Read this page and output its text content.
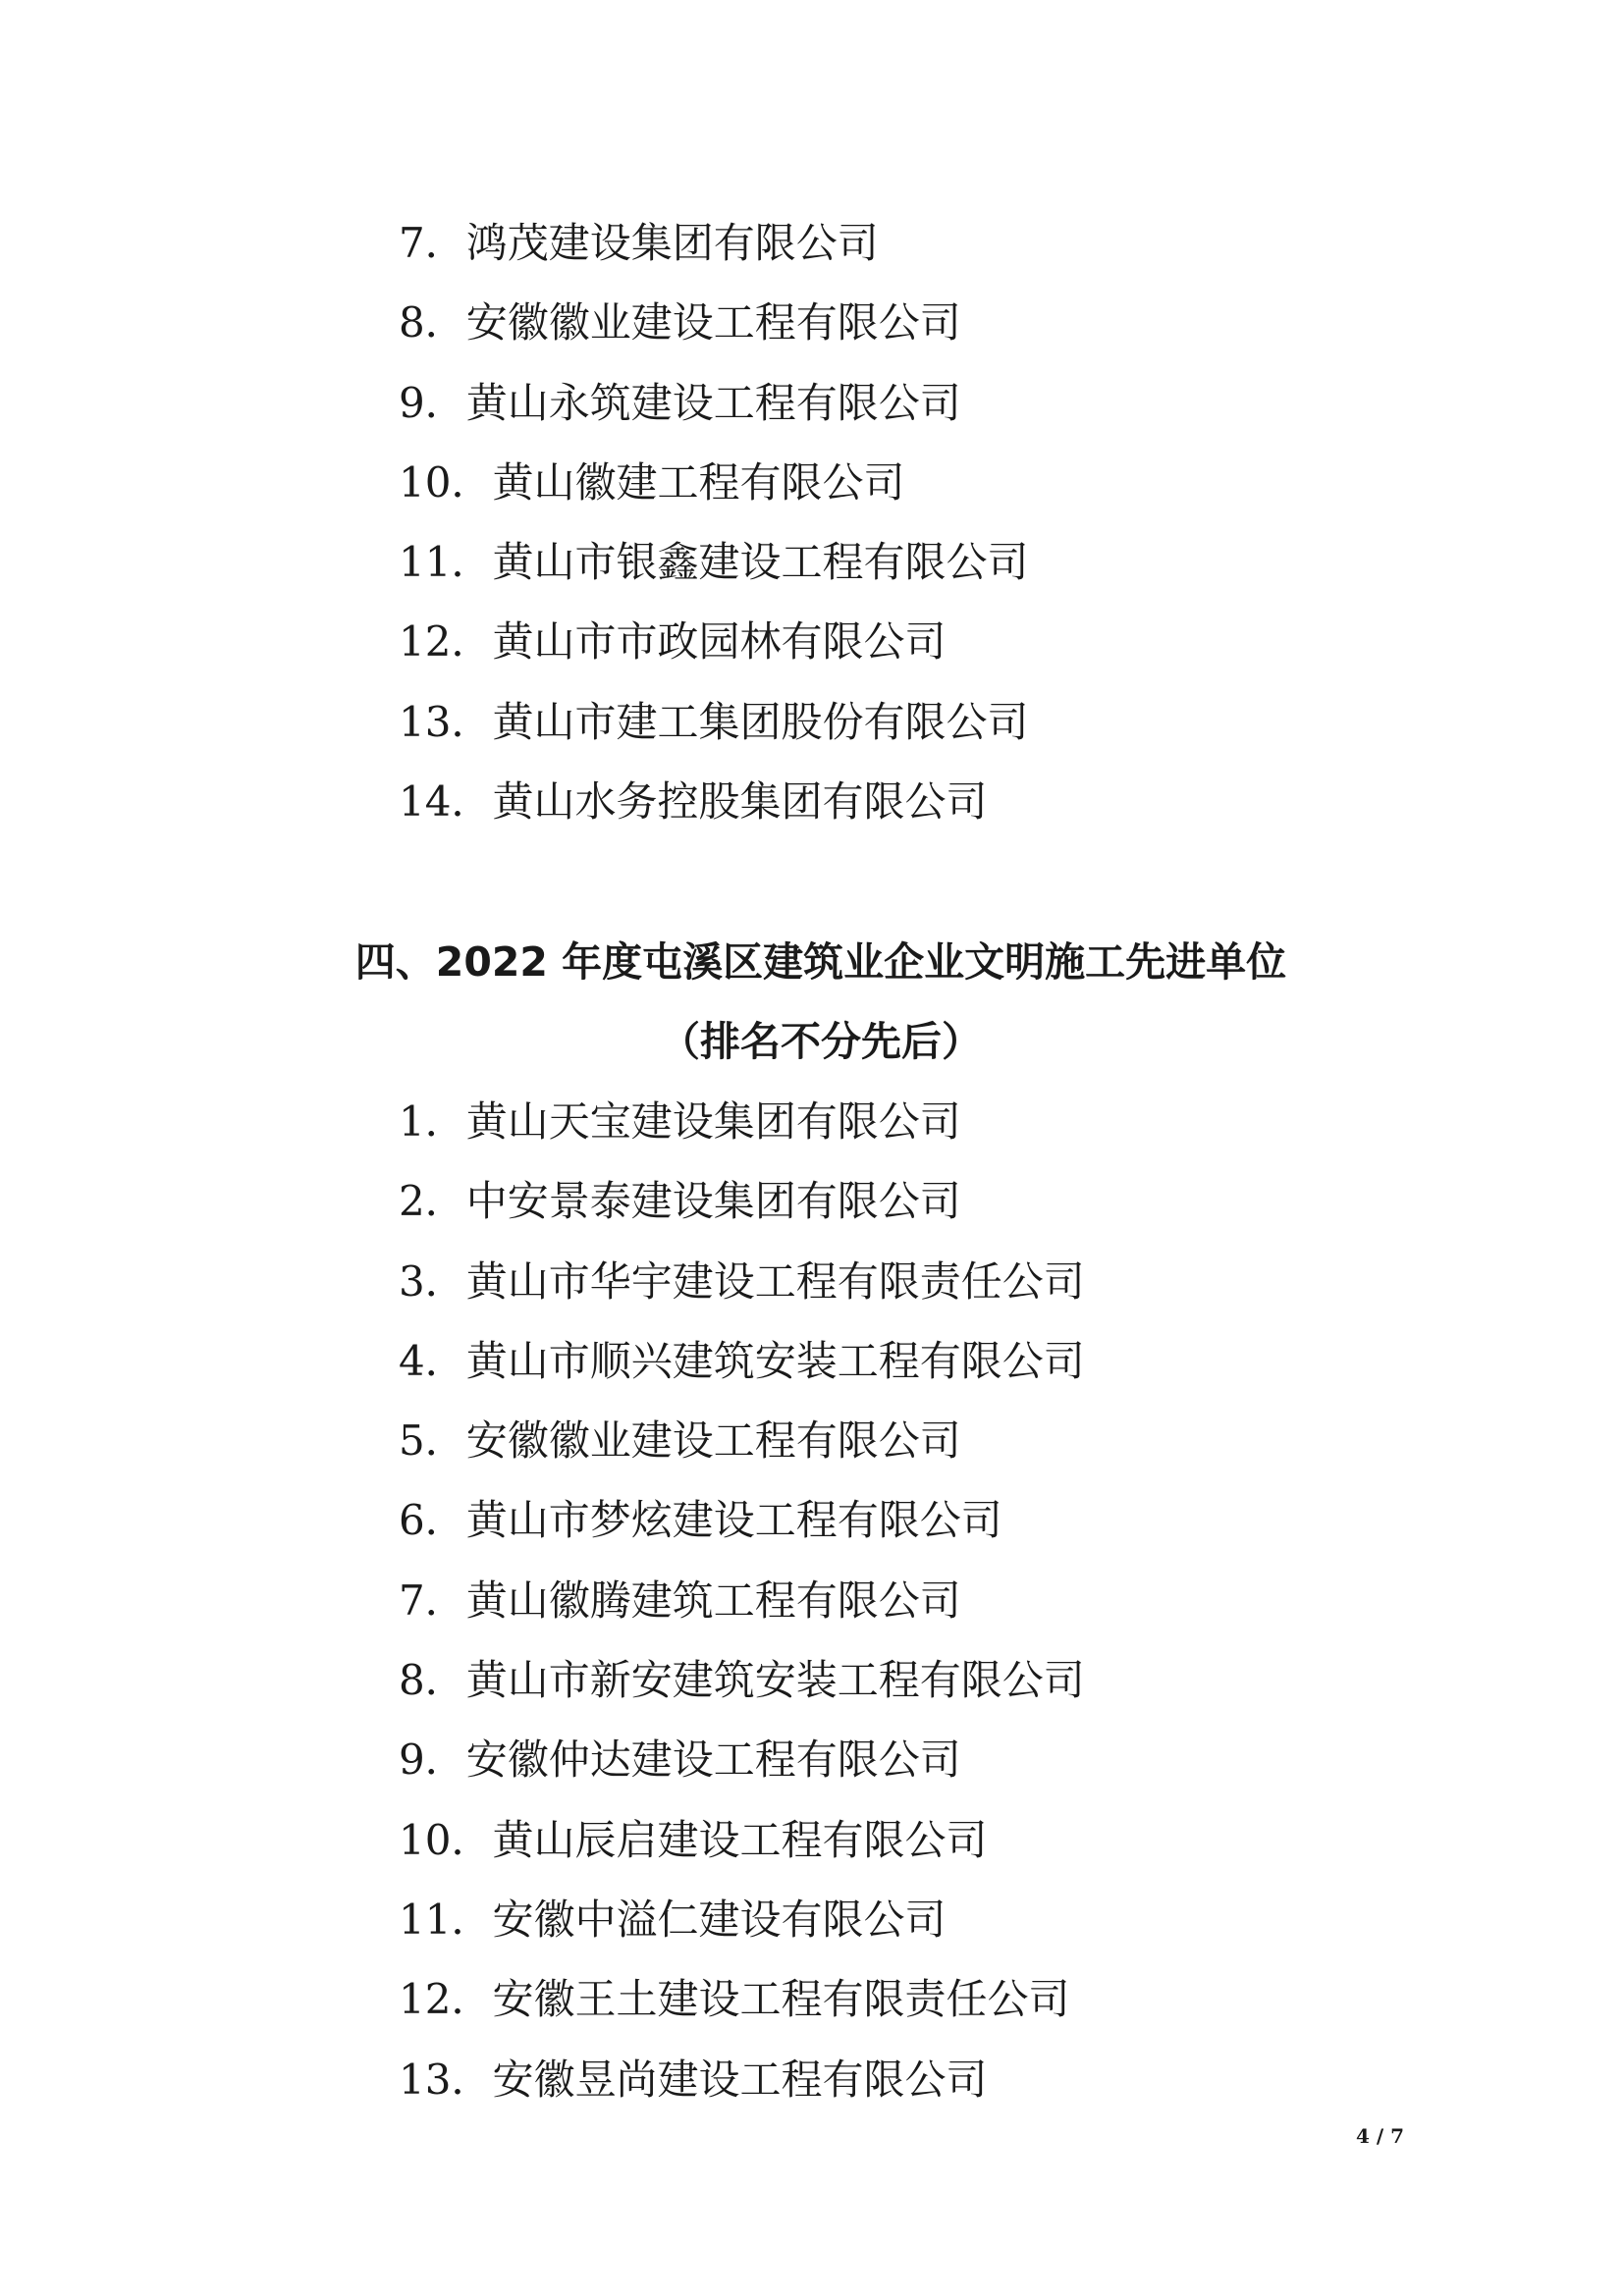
7．鸿茂建设集团有限公司
8．安徽徽业建设工程有限公司
9．黄山永筑建设工程有限公司
10．黄山徽建工程有限公司
11．黄山市银鑫建设工程有限公司
12．黄山市市政园林有限公司
13．黄山市建工集团股份有限公司
14．黄山水务控股集团有限公司
四、2022 年度屯溪区建筑业企业文明施工先进单位
（排名不分先后）
1．黄山天宝建设集团有限公司
2．中安景泰建设集团有限公司
3．黄山市华宇建设工程有限责任公司
4．黄山市顺兴建筑安装工程有限公司
5．安徽徽业建设工程有限公司
6．黄山市梦炫建设工程有限公司
7．黄山徽腾建筑工程有限公司
8．黄山市新安建筑安装工程有限公司
9．安徽仲达建设工程有限公司
10．黄山辰启建设工程有限公司
11．安徽中溢仁建设有限公司
12．安徽王土建设工程有限责任公司
13．安徽昱尚建设工程有限公司
4 / 7
